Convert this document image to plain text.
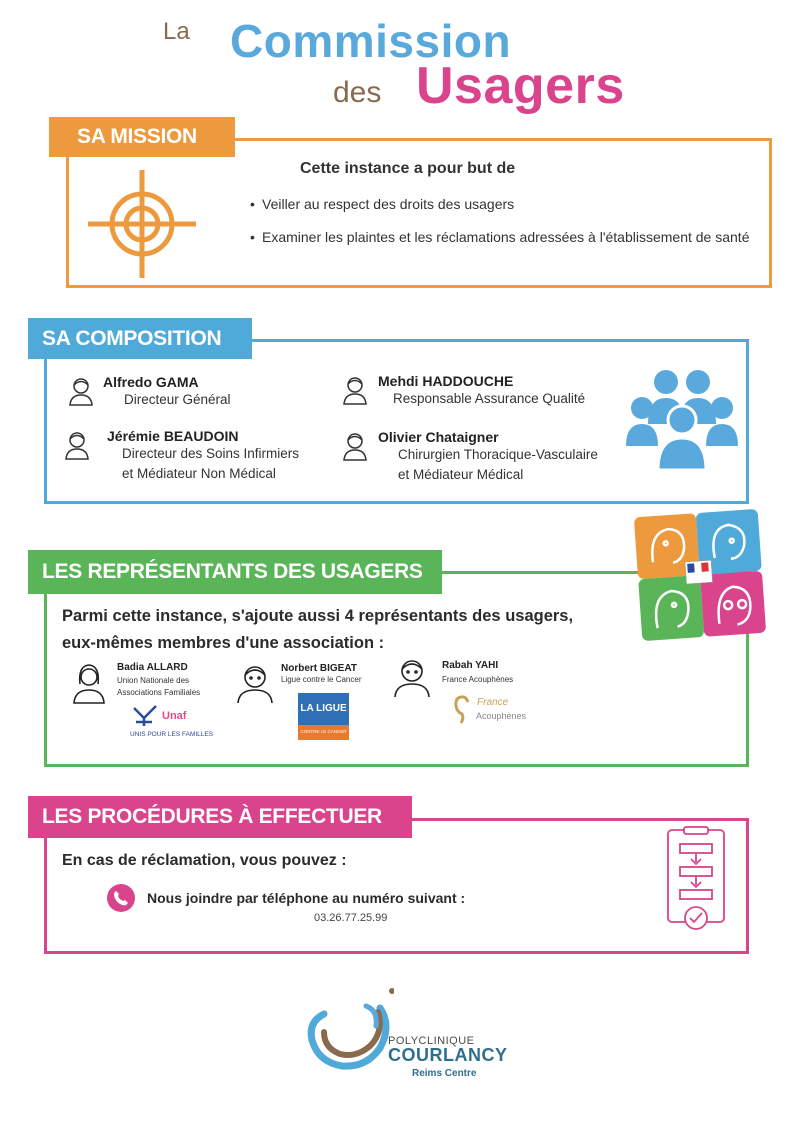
La Commission
des Usagers
SA MISSION
Cette instance a pour but de
• Veiller au respect des droits des usagers
• Examiner les plaintes et les réclamations adressées à l'établissement de santé
SA COMPOSITION
Alfredo GAMA
Directeur Général
Mehdi HADDOUCHE
Responsable Assurance Qualité
Jérémie BEAUDOIN
Directeur des Soins Infirmiers
et Médiateur Non Médical
Olivier Chataigner
Chirurgien Thoracique-Vasculaire
et Médiateur Médical
LES REPRÉSENTANTS DES USAGERS
Parmi cette instance, s'ajoute aussi 4 représentants des usagers,
eux-mêmes membres d'une association :
Badia ALLARD
Union Nationale des
Associations Familiales
Norbert BIGEAT
Ligue contre le Cancer
Rabah YAHI
France Acouphènes
Unaf
UNIS POUR LES FAMILLES
LA LIGUE
CONTRE LE CANCER
France
Acouphènes
LES PROCÉDURES À EFFECTUER
En cas de réclamation, vous pouvez :
Nous joindre par téléphone au numéro suivant :
03.26.77.25.99
POLYCLINIQUE
COURLANCY
Reims Centre
